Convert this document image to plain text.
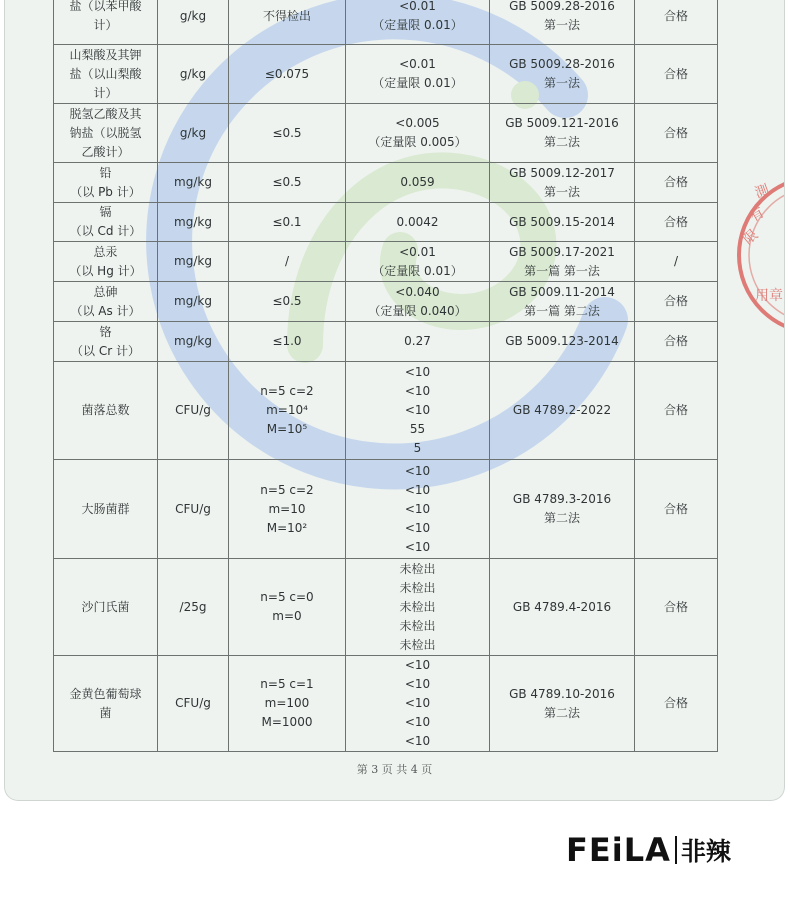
盐（以苯甲酸
计）	g/kg	不得检出	<0.01
（定量限 0.01）	GB 5009.28-2016
第一法	合格

山梨酸及其钾
盐（以山梨酸
计）	g/kg	≤0.075	<0.01
（定量限 0.01）	GB 5009.28-2016
第一法	合格

脱氢乙酸及其
钠盐（以脱氢
乙酸计）	g/kg	≤0.5	<0.005
（定量限 0.005）	GB 5009.121-2016
第二法	合格

铅
（以 Pb 计）	mg/kg	≤0.5	0.059	GB 5009.12-2017
第一法	合格

镉
（以 Cd 计）	mg/kg	≤0.1	0.0042	GB 5009.15-2014	合格

总汞
（以 Hg 计）	mg/kg	/	<0.01
（定量限 0.01）	GB 5009.17-2021
第一篇 第一法	/

总砷
（以 As 计）	mg/kg	≤0.5	<0.040
（定量限 0.040）	GB 5009.11-2014
第一篇 第二法	合格

铬
（以 Cr 计）	mg/kg	≤1.0	0.27	GB 5009.123-2014	合格

菌落总数	CFU/g	n=5 c=2
m=10⁴
M=10⁵	<10
<10
<10
55
5	GB 4789.2-2022	合格

大肠菌群	CFU/g	n=5 c=2
m=10
M=10²	<10
<10
<10
<10
<10	GB 4789.3-2016
第二法	合格

沙门氏菌	/25g	n=5 c=0
m=0	未检出
未检出
未检出
未检出
未检出	GB 4789.4-2016	合格

金黄色葡萄球
菌	CFU/g	n=5 c=1
m=100
M=1000	<10
<10
<10
<10
<10	GB 4789.10-2016
第二法	合格
測
有
限
用章
第 3 页 共 4 页
FEiLA 非辣
